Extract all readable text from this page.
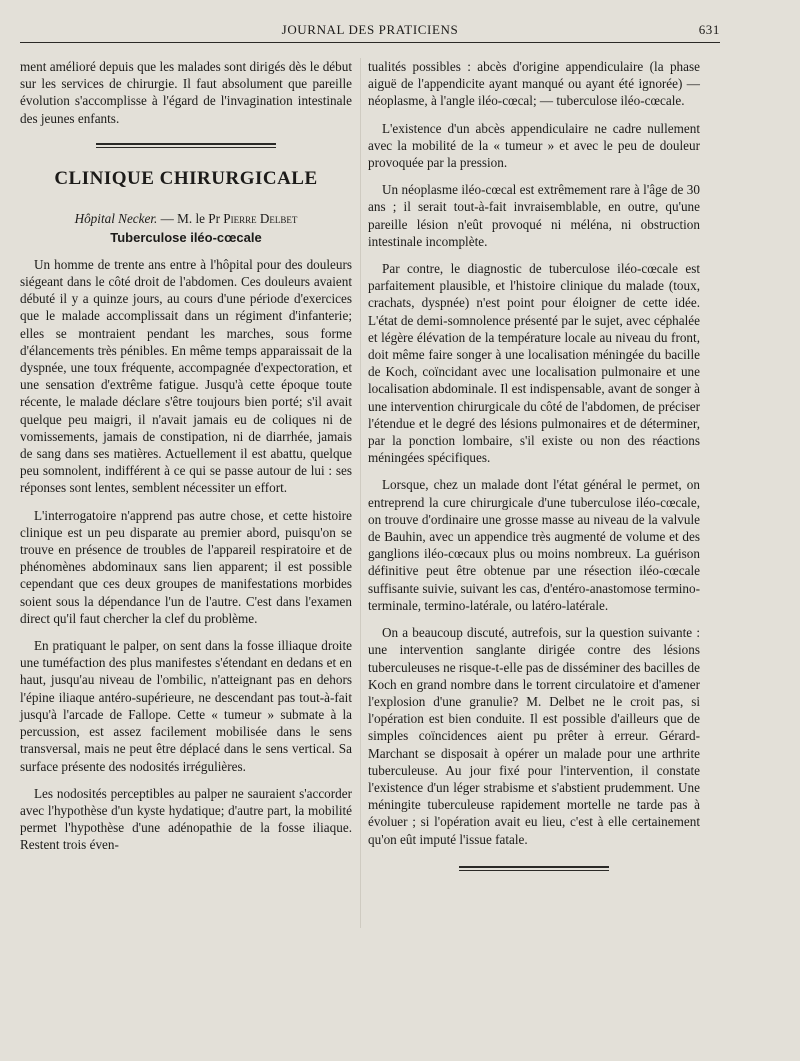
JOURNAL DES PRATICIENS	631

ment amélioré depuis que les malades sont dirigés dès le début sur les services de chirurgie. Il faut absolument que pareille évolution s'accomplisse à l'égard de l'invagination intestinale des jeunes enfants.

CLINIQUE CHIRURGICALE
Hôpital Necker. — M. le Pr Pierre Delbet
Tuberculose iléo-cœcale

Un homme de trente ans entre à l'hôpital pour des douleurs siégeant dans le côté droit de l'abdomen. Ces douleurs avaient débuté il y a quinze jours, au cours d'une période d'exercices que le malade accomplissait dans un régiment d'infanterie; elles se montraient pendant les marches, sous forme d'élancements très pénibles. En même temps apparaissait de la dyspnée, une toux fréquente, accompagnée d'expectoration, et une sensation d'extrême fatigue. Jusqu'à cette époque toute récente, le malade déclare s'être toujours bien porté; s'il avait quelque peu maigri, il n'avait jamais eu de coliques ni de vomissements, jamais de constipation, ni de diarrhée, jamais de sang dans ses matières. Actuellement il est abattu, quelque peu somnolent, indifférent à ce qui se passe autour de lui : ses réponses sont lentes, semblent nécessiter un effort.

L'interrogatoire n'apprend pas autre chose, et cette histoire clinique est un peu disparate au premier abord, puisqu'on se trouve en présence de troubles de l'appareil respiratoire et de phénomènes abdominaux sans lien apparent; il est possible cependant que ces deux groupes de manifestations morbides soient sous la dépendance l'un de l'autre. C'est dans l'examen direct qu'il faut chercher la clef du problème.

En pratiquant le palper, on sent dans la fosse illiaque droite une tuméfaction des plus manifestes s'étendant en dedans et en haut, jusqu'au niveau de l'ombilic, n'atteignant pas en dehors l'épine iliaque antéro-supérieure, ne descendant pas tout-à-fait jusqu'à l'arcade de Fallope. Cette « tumeur » submate à la percussion, est assez facilement mobilisée dans le sens transversal, mais ne peut être déplacé dans le sens vertical. Sa surface présente des nodosités irrégulières.

Les nodosités perceptibles au palper ne sauraient s'accorder avec l'hypothèse d'un kyste hydatique; d'autre part, la mobilité permet l'hypothèse d'une adénopathie de la fosse iliaque. Restent trois éven-

tualités possibles : abcès d'origine appendiculaire (la phase aiguë de l'appendicite ayant manqué ou ayant été ignorée) — néoplasme, à l'angle iléo-cœcal; — tuberculose iléo-cœcale.

L'existence d'un abcès appendiculaire ne cadre nullement avec la mobilité de la « tumeur » et avec le peu de douleur provoquée par la pression.

Un néoplasme iléo-cœcal est extrêmement rare à l'âge de 30 ans ; il serait tout-à-fait invraisemblable, en outre, qu'une pareille lésion n'eût provoqué ni méléna, ni obstruction intestinale incomplète.

Par contre, le diagnostic de tuberculose iléo-cœcale est parfaitement plausible, et l'histoire clinique du malade (toux, crachats, dyspnée) n'est point pour éloigner de cette idée. L'état de demi-somnolence présenté par le sujet, avec céphalée et légère élévation de la température locale au niveau du front, doit même faire songer à une localisation méningée du bacille de Koch, coïncidant avec une localisation pulmonaire et une localisation abdominale. Il est indispensable, avant de songer à une intervention chirurgicale du côté de l'abdomen, de préciser l'étendue et le degré des lésions pulmonaires et de déterminer, par la ponction lombaire, s'il existe ou non des réactions méningées spécifiques.

Lorsque, chez un malade dont l'état général le permet, on entreprend la cure chirurgicale d'une tuberculose iléo-cœcale, on trouve d'ordinaire une grosse masse au niveau de la valvule de Bauhin, avec un appendice très augmenté de volume et des ganglions iléo-cœcaux plus ou moins nombreux. La guérison définitive peut être obtenue par une résection iléo-cœcale suffisante suivie, suivant les cas, d'entéro-anastomose termino-terminale, termino-latérale, ou latéro-latérale.

On a beaucoup discuté, autrefois, sur la question suivante : une intervention sanglante dirigée contre des lésions tuberculeuses ne risque-t-elle pas de disséminer des bacilles de Koch en grand nombre dans le torrent circulatoire et d'amener l'explosion d'une granulie? M. Delbet ne le croit pas, si l'opération est bien conduite. Il est possible d'ailleurs que de simples coïncidences aient pu prêter à erreur. Gérard-Marchant se disposait à opérer un malade pour une arthrite tuberculeuse. Au jour fixé pour l'intervention, il constate l'existence d'un léger strabisme et s'abstient prudemment. Une méningite tuberculeuse rapidement mortelle ne tarde pas à évoluer ; si l'opération avait eu lieu, c'est à elle certainement qu'on eût imputé l'issue fatale.
